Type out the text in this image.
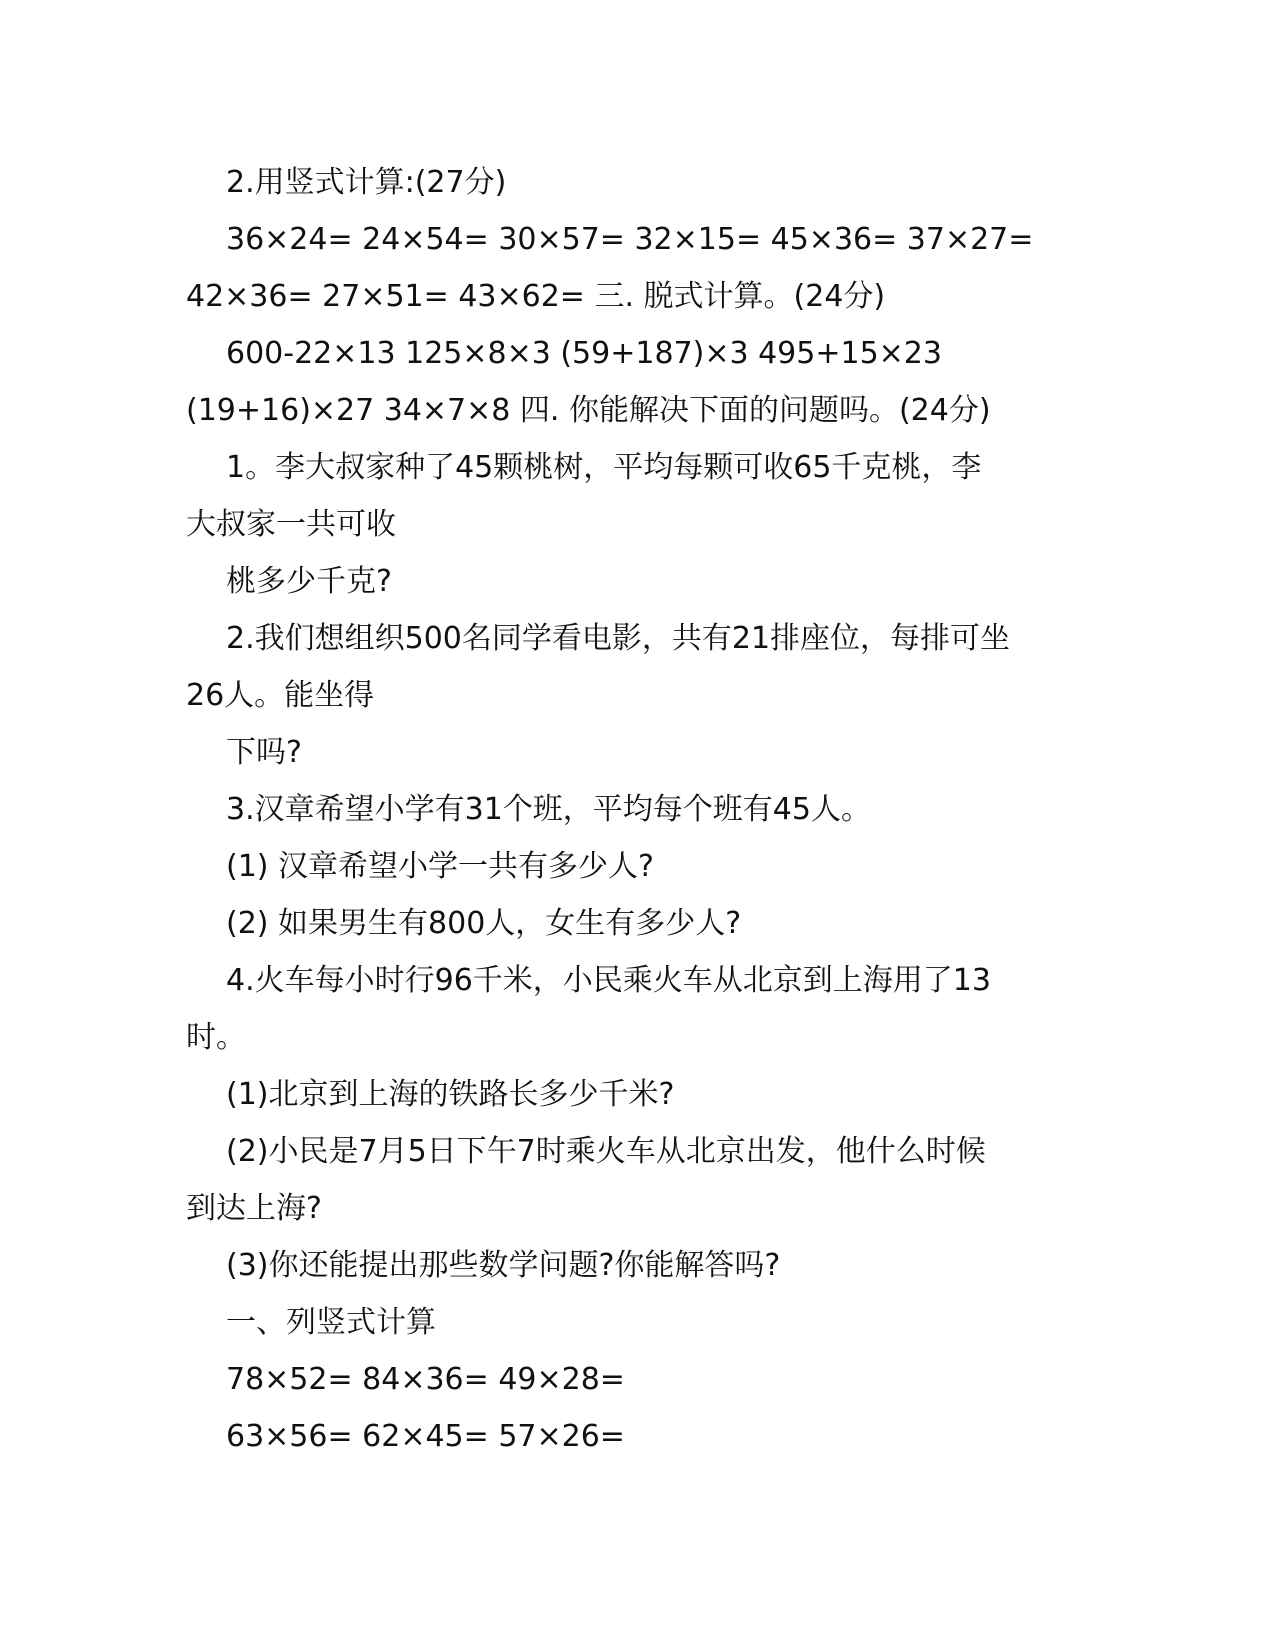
2.用竖式计算:(27分)
36×24= 24×54= 30×57= 32×15= 45×36= 37×27=
42×36= 27×51= 43×62= 三. 脱式计算。(24分)
600-22×13 125×8×3 (59+187)×3 495+15×23
(19+16)×27 34×7×8 四. 你能解决下面的问题吗。(24分)
1。李大叔家种了45颗桃树，平均每颗可收65千克桃，李
大叔家一共可收
桃多少千克?
2.我们想组织500名同学看电影，共有21排座位，每排可坐
26人。能坐得
下吗?
3.汉章希望小学有31个班，平均每个班有45人。
(1) 汉章希望小学一共有多少人?
(2) 如果男生有800人，女生有多少人?
4.火车每小时行96千米，小民乘火车从北京到上海用了13
时。
(1)北京到上海的铁路长多少千米?
(2)小民是7月5日下午7时乘火车从北京出发，他什么时候
到达上海?
(3)你还能提出那些数学问题?你能解答吗?
一、列竖式计算
78×52= 84×36= 49×28=
63×56= 62×45= 57×26=
